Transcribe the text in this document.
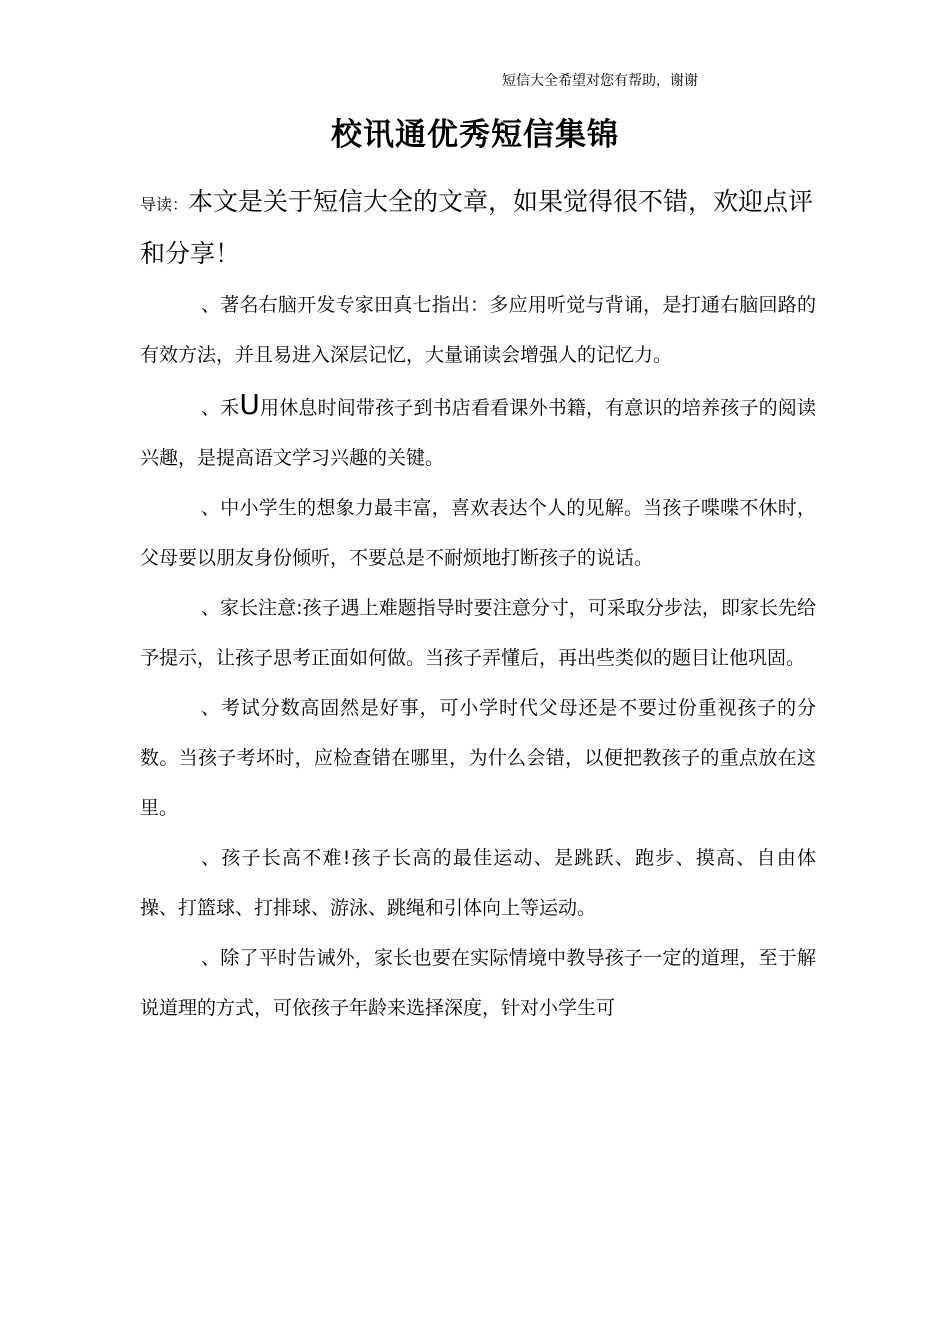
短信大全希望对您有帮助，谢谢
校讯通优秀短信集锦
导读：本文是关于短信大全的文章，如果觉得很不错，欢迎点评和分享！

、著名右脑开发专家田真七指出：多应用听觉与背诵，是打通右脑回路的有效方法，并且易进入深层记忆，大量诵读会增强人的记忆力。

、禾U用休息时间带孩子到书店看看课外书籍，有意识的培养孩子的阅读兴趣，是提高语文学习兴趣的关键。

、中小学生的想象力最丰富，喜欢表达个人的见解。当孩子喋喋不休时，父母要以朋友身份倾听，不要总是不耐烦地打断孩子的说话。

、家长注意:孩子遇上难题指导时要注意分寸，可采取分步法，即家长先给予提示，让孩子思考正面如何做。当孩子弄懂后，再出些类似的题目让他巩固。

、考试分数高固然是好事，可小学时代父母还是不要过份重视孩子的分数。当孩子考坏时，应检查错在哪里，为什么会错，以便把教孩子的重点放在这里。

、孩子长高不难!孩子长高的最佳运动、是跳跃、跑步、摸高、自由体操、打篮球、打排球、游泳、跳绳和引体向上等运动。

、除了平时告诫外，家长也要在实际情境中教导孩子一定的道理，至于解说道理的方式，可依孩子年龄来选择深度，针对小学生可
